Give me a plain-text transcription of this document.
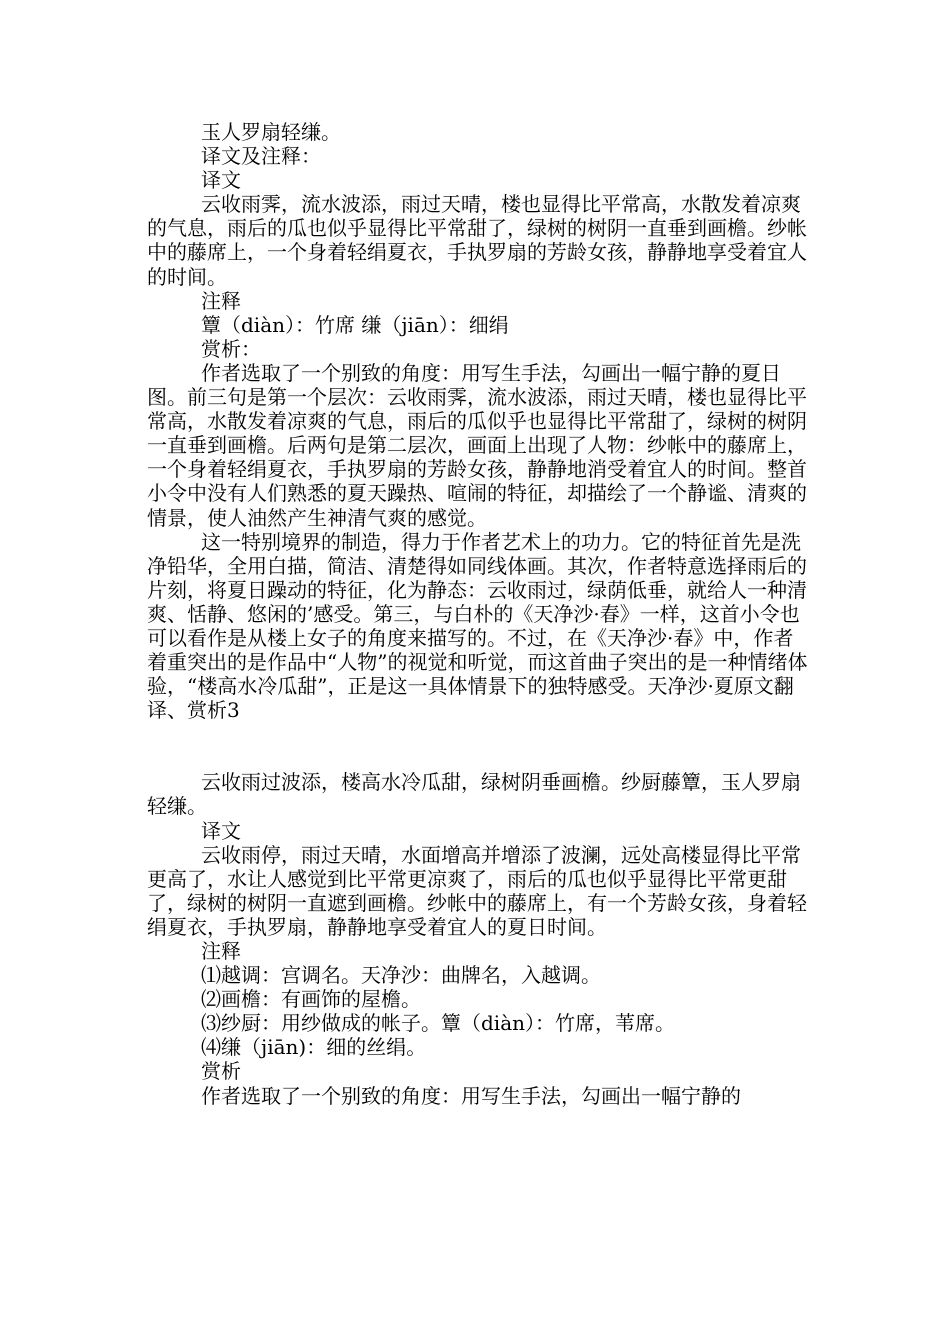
玉人罗扇轻缣。

译文及注释：

译文

云收雨霁，流水波添，雨过天晴，楼也显得比平常高，水散发着凉爽的气息，雨后的瓜也似乎显得比平常甜了，绿树的树阴一直垂到画檐。纱帐中的藤席上，一个身着轻绢夏衣，手执罗扇的芳龄女孩，静静地享受着宜人的时间。

注释

簟（diàn）：竹席 缣（jiān）：细绢

赏析：

作者选取了一个别致的角度：用写生手法，勾画出一幅宁静的夏日图。前三句是第一个层次：云收雨霁，流水波添，雨过天晴，楼也显得比平常高，水散发着凉爽的气息，雨后的瓜似乎也显得比平常甜了，绿树的树阴一直垂到画檐。后两句是第二层次，画面上出现了人物：纱帐中的藤席上，一个身着轻绢夏衣，手执罗扇的芳龄女孩，静静地消受着宜人的时间。整首小令中没有人们熟悉的夏天躁热、喧闹的特征，却描绘了一个静谧、清爽的情景，使人油然产生神清气爽的感觉。

这一特别境界的制造，得力于作者艺术上的功力。它的特征首先是洗净铅华，全用白描，简洁、清楚得如同线体画。其次，作者特意选择雨后的片刻，将夏日躁动的特征，化为静态：云收雨过，绿荫低垂，就给人一种清爽、恬静、悠闲的’感受。第三，与白朴的《天净沙·春》一样，这首小令也可以看作是从楼上女子的角度来描写的。不过，在《天净沙·春》中，作者着重突出的是作品中“人物”的视觉和听觉，而这首曲子突出的是一种情绪体验，“楼高水冷瓜甜”，正是这一具体情景下的独特感受。天净沙·夏原文翻译、赏析3

云收雨过波添，楼高水冷瓜甜，绿树阴垂画檐。纱厨藤簟，玉人罗扇轻缣。

译文

云收雨停，雨过天晴，水面增高并增添了波澜，远处高楼显得比平常更高了，水让人感觉到比平常更凉爽了，雨后的瓜也似乎显得比平常更甜了，绿树的树阴一直遮到画檐。纱帐中的藤席上，有一个芳龄女孩，身着轻绢夏衣，手执罗扇，静静地享受着宜人的夏日时间。

注释

⑴越调：宫调名。天净沙：曲牌名，入越调。

⑵画檐：有画饰的屋檐。

⑶纱厨：用纱做成的帐子。簟（diàn）：竹席，苇席。

⑷缣（jiān)：细的丝绢。

赏析

作者选取了一个别致的角度：用写生手法，勾画出一幅宁静的
